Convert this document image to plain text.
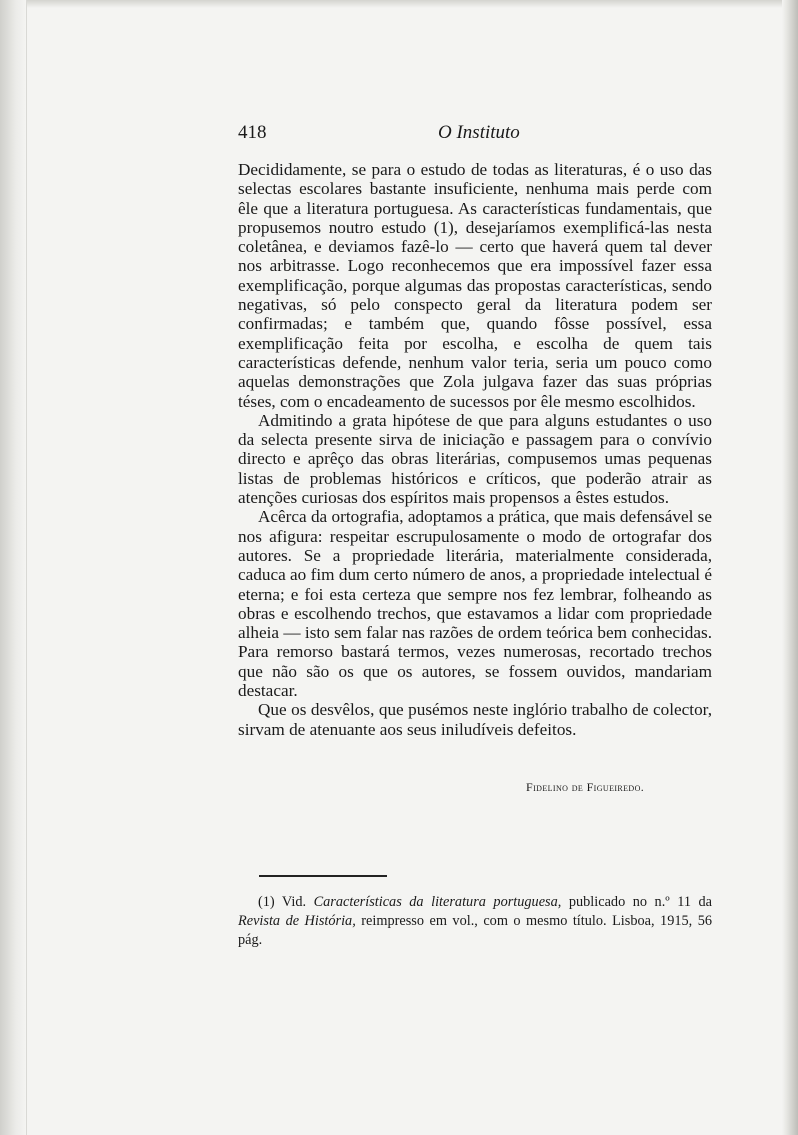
418	O Instituto

Decididamente, se para o estudo de todas as literaturas, é o uso das selectas escolares bastante insuficiente, nenhuma mais perde com êle que a literatura portuguesa. As características fundamentais, que propusemos noutro estudo (1), desejaríamos exemplificá-las nesta coletânea, e deviamos fazê-lo — certo que haverá quem tal dever nos arbitrasse. Logo reconhecemos que era impossível fazer essa exemplificação, porque algumas das propostas características, sendo negativas, só pelo conspecto geral da literatura podem ser confirmadas; e também que, quando fôsse possível, essa exemplificação feita por escolha, e escolha de quem tais características defende, nenhum valor teria, seria um pouco como aquelas demonstrações que Zola julgava fazer das suas próprias téses, com o encadeamento de sucessos por êle mesmo escolhidos.

Admitindo a grata hipótese de que para alguns estudantes o uso da selecta presente sirva de iniciação e passagem para o convívio directo e aprêço das obras literárias, compusemos umas pequenas listas de problemas históricos e críticos, que poderão atrair as atenções curiosas dos espíritos mais propensos a êstes estudos.

Acêrca da ortografia, adoptamos a prática, que mais defensável se nos afigura: respeitar escrupulosamente o modo de ortografar dos autores. Se a propriedade literária, materialmente considerada, caduca ao fim dum certo número de anos, a propriedade intelectual é eterna; e foi esta certeza que sempre nos fez lembrar, folheando as obras e escolhendo trechos, que estavamos a lidar com propriedade alheia — isto sem falar nas razões de ordem teórica bem conhecidas. Para remorso bastará termos, vezes numerosas, recortado trechos que não são os que os autores, se fossem ouvidos, mandariam destacar.

Que os desvêlos, que pusémos neste inglório trabalho de colector, sirvam de atenuante aos seus iniludíveis defeitos.

Fidelino de Figueiredo.
(1) Vid. Características da literatura portuguesa, publicado no n.º 11 da Revista de História, reimpresso em vol., com o mesmo título. Lisboa, 1915, 56 pág.
